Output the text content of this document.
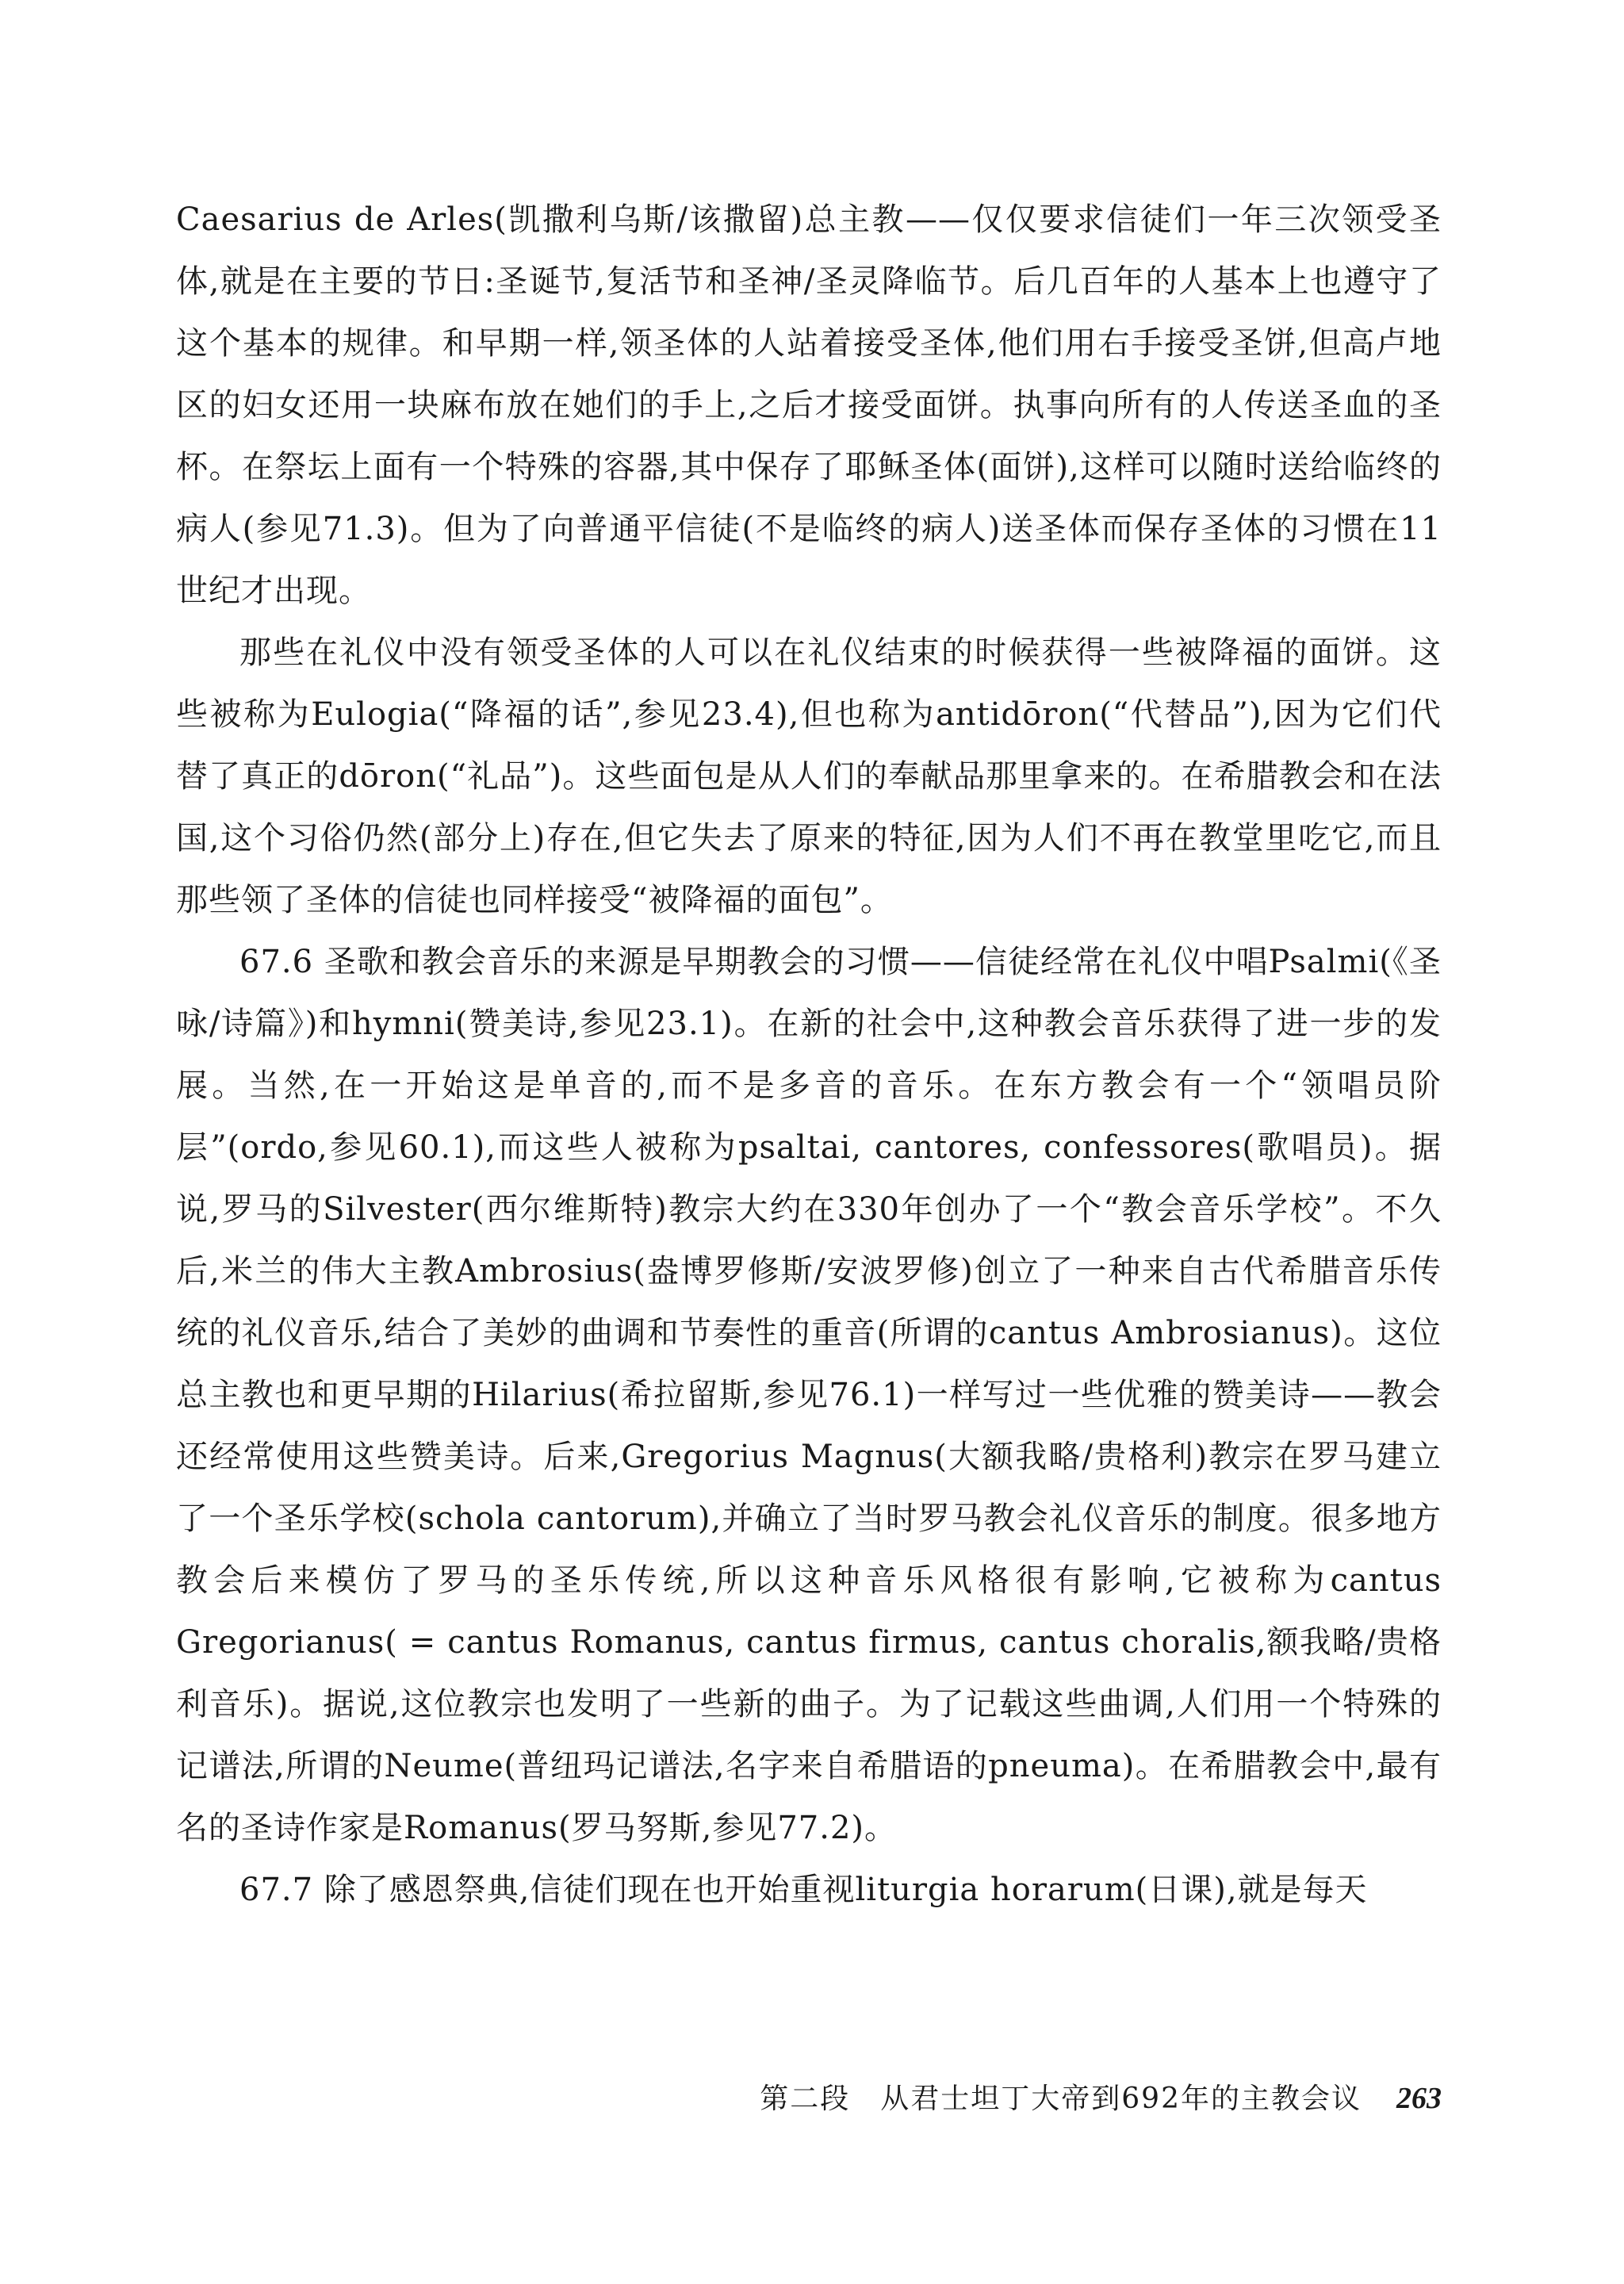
Caesarius de Arles(凯撒利乌斯/该撒留)总主教——仅仅要求信徒们一年三次领受圣体,就是在主要的节日:圣诞节,复活节和圣神/圣灵降临节。后几百年的人基本上也遵守了这个基本的规律。和早期一样,领圣体的人站着接受圣体,他们用右手接受圣饼,但高卢地区的妇女还用一块麻布放在她们的手上,之后才接受面饼。执事向所有的人传送圣血的圣杯。在祭坛上面有一个特殊的容器,其中保存了耶稣圣体(面饼),这样可以随时送给临终的病人(参见71.3)。但为了向普通平信徒(不是临终的病人)送圣体而保存圣体的习惯在11世纪才出现。

那些在礼仪中没有领受圣体的人可以在礼仪结束的时候获得一些被降福的面饼。这些被称为Eulogia(“降福的话”,参见23.4),但也称为antidōron(“代替品”),因为它们代替了真正的dōron(“礼品”)。这些面包是从人们的奉献品那里拿来的。在希腊教会和在法国,这个习俗仍然(部分上)存在,但它失去了原来的特征,因为人们不再在教堂里吃它,而且那些领了圣体的信徒也同样接受“被降福的面包”。

67.6 圣歌和教会音乐的来源是早期教会的习惯——信徒经常在礼仪中唱Psalmi(《圣咏/诗篇》)和hymni(赞美诗,参见23.1)。在新的社会中,这种教会音乐获得了进一步的发展。当然,在一开始这是单音的,而不是多音的音乐。在东方教会有一个“领唱员阶层”(ordo,参见60.1),而这些人被称为psaltai, cantores, confessores(歌唱员)。据说,罗马的Silvester(西尔维斯特)教宗大约在330年创办了一个“教会音乐学校”。不久后,米兰的伟大主教Ambrosius(盎博罗修斯/安波罗修)创立了一种来自古代希腊音乐传统的礼仪音乐,结合了美妙的曲调和节奏性的重音(所谓的cantus Ambrosianus)。这位总主教也和更早期的Hilarius(希拉留斯,参见76.1)一样写过一些优雅的赞美诗——教会还经常使用这些赞美诗。后来,Gregorius Magnus(大额我略/贵格利)教宗在罗马建立了一个圣乐学校(schola cantorum),并确立了当时罗马教会礼仪音乐的制度。很多地方教会后来模仿了罗马的圣乐传统,所以这种音乐风格很有影响,它被称为cantus Gregorianus( = cantus Romanus, cantus firmus, cantus choralis,额我略/贵格利音乐)。据说,这位教宗也发明了一些新的曲子。为了记载这些曲调,人们用一个特殊的记谱法,所谓的Neume(普纽玛记谱法,名字来自希腊语的pneuma)。在希腊教会中,最有名的圣诗作家是Romanus(罗马努斯,参见77.2)。

67.7 除了感恩祭典,信徒们现在也开始重视liturgia horarum(日课),就是每天

第二段　从君士坦丁大帝到692年的主教会议 263
